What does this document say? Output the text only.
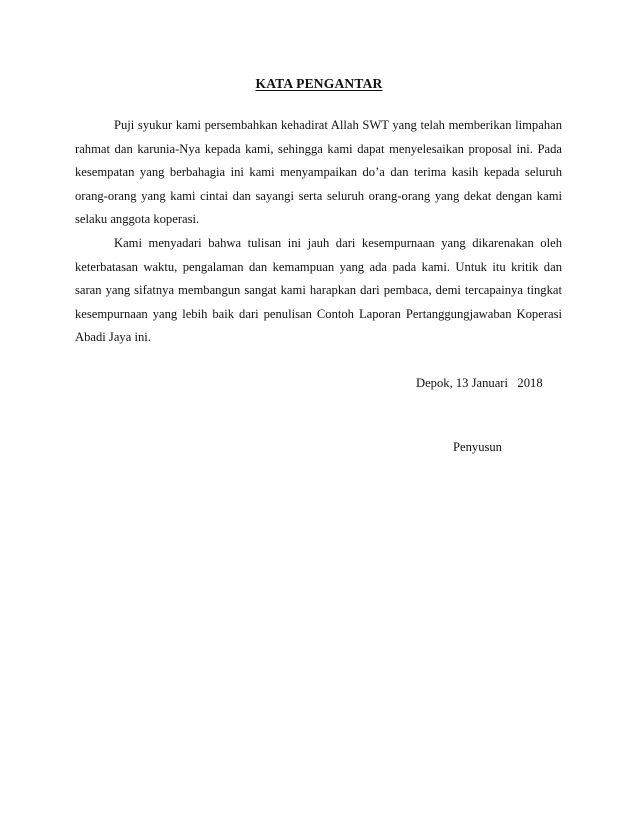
KATA PENGANTAR

Puji syukur kami persembahkan kehadirat Allah SWT yang telah memberikan limpahan rahmat dan karunia-Nya kepada kami, sehingga kami dapat menyelesaikan proposal ini. Pada kesempatan yang berbahagia ini kami menyampaikan do’a dan terima kasih kepada seluruh orang-orang yang kami cintai dan sayangi serta seluruh orang-orang yang dekat dengan kami selaku anggota koperasi.

Kami menyadari bahwa tulisan ini jauh dari kesempurnaan yang dikarenakan oleh keterbatasan waktu, pengalaman dan kemampuan yang ada pada kami. Untuk itu kritik dan saran yang sifatnya membangun sangat kami harapkan dari pembaca, demi tercapainya tingkat kesempurnaan yang lebih baik dari penulisan Contoh Laporan Pertanggungjawaban Koperasi Abadi Jaya ini.

Depok, 13 Januari   2018
Penyusun
